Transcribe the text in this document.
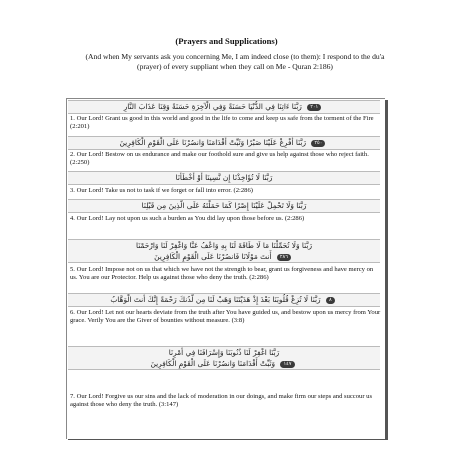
(Prayers and Supplications)
(And when My servants ask you concerning Me, I am indeed close (to them): I respond to the du'a (prayer) of every suppliant when they call on Me - Quran 2:186)
٢٠١ رَبَّنَا ءَاتِنَا فِي الدُّنْيَا حَسَنَةً وَفِي الْآخِرَةِ حَسَنَةً وَقِنَا عَذَابَ النَّارِ
1. Our Lord! Grant us good in this world and good in the life to come and keep us safe from the torment of the Fire (2:201)
٢٥٠ رَبَّنَا أَفْرِغْ عَلَيْنَا صَبْرًا وَثَبِّتْ أَقْدَامَنَا وَانصُرْنَا عَلَى الْقَوْمِ الْكَافِرِينَ
2. Our Lord! Bestow on us endurance and make our foothold sure and give us help against those who reject faith. (2:250)
رَبَّنَا لَا تُؤَاخِذْنَا إِن نَّسِينَا أَوْ أَخْطَأْنَا
3. Our Lord! Take us not to task if we forget or fall into error. (2:286)
رَبَّنَا وَلَا تَحْمِلْ عَلَيْنَا إِصْرًا كَمَا حَمَلْتَهُ عَلَى الَّذِينَ مِن قَبْلِنَا
4. Our Lord! Lay not upon us such a burden as You did lay upon those before us. (2:286)
رَبَّنَا وَلَا تُحَمِّلْنَا مَا لَا طَاقَةَ لَنَا بِهِ وَاعْفُ عَنَّا وَاغْفِرْ لَنَا وَارْحَمْنَا
٢٨٦ أَنتَ مَوْلَانَا فَانصُرْنَا عَلَى الْقَوْمِ الْكَافِرِينَ
5. Our Lord! Impose not on us that which we have not the strength to bear, grant us forgiveness and have mercy on us. You are our Protector. Help us against those who deny the truth. (2:286)
٨ رَبَّنَا لَا تُزِغْ قُلُوبَنَا بَعْدَ إِذْ هَدَيْتَنَا وَهَبْ لَنَا مِن لَّدُنكَ رَحْمَةً إِنَّكَ أَنتَ الْوَهَّابُ
6. Our Lord! Let not our hearts deviate from the truth after You have guided us, and bestow upon us mercy from Your grace. Verily You are the Giver of bounties without measure. (3:8)
رَبَّنَا اغْفِرْ لَنَا ذُنُوبَنَا وَإِسْرَافَنَا فِي أَمْرِنَا
١٤٧ وَثَبِّتْ أَقْدَامَنَا وَانصُرْنَا عَلَى الْقَوْمِ الْكَافِرِينَ
7. Our Lord! Forgive us our sins and the lack of moderation in our doings, and make firm our steps and succour us against those who deny the truth. (3:147)
